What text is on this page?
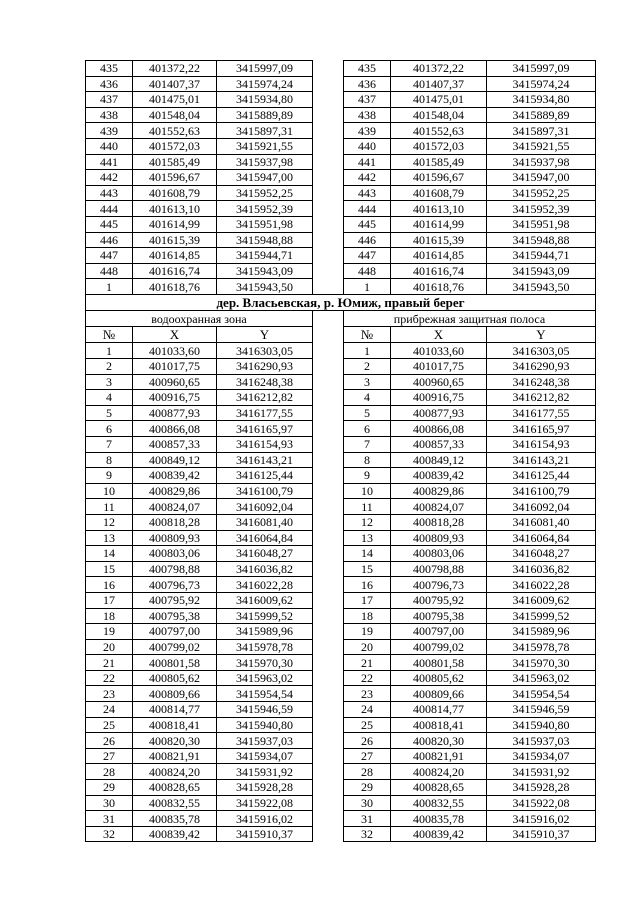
435	401372,22	3415997,09		435	401372,22	3415997,09
436	401407,37	3415974,24		436	401407,37	3415974,24
437	401475,01	3415934,80		437	401475,01	3415934,80
438	401548,04	3415889,89		438	401548,04	3415889,89
439	401552,63	3415897,31		439	401552,63	3415897,31
440	401572,03	3415921,55		440	401572,03	3415921,55
441	401585,49	3415937,98		441	401585,49	3415937,98
442	401596,67	3415947,00		442	401596,67	3415947,00
443	401608,79	3415952,25		443	401608,79	3415952,25
444	401613,10	3415952,39		444	401613,10	3415952,39
445	401614,99	3415951,98		445	401614,99	3415951,98
446	401615,39	3415948,88		446	401615,39	3415948,88
447	401614,85	3415944,71		447	401614,85	3415944,71
448	401616,74	3415943,09		448	401616,74	3415943,09
1	401618,76	3415943,50		1	401618,76	3415943,50
дер. Власьевская, р. Юмиж, правый берег						
водоохранная зона				прибрежная защитная полоса		
№	X	Y		№	X	Y
1	401033,60	3416303,05		1	401033,60	3416303,05
2	401017,75	3416290,93		2	401017,75	3416290,93
3	400960,65	3416248,38		3	400960,65	3416248,38
4	400916,75	3416212,82		4	400916,75	3416212,82
5	400877,93	3416177,55		5	400877,93	3416177,55
6	400866,08	3416165,97		6	400866,08	3416165,97
7	400857,33	3416154,93		7	400857,33	3416154,93
8	400849,12	3416143,21		8	400849,12	3416143,21
9	400839,42	3416125,44		9	400839,42	3416125,44
10	400829,86	3416100,79		10	400829,86	3416100,79
11	400824,07	3416092,04		11	400824,07	3416092,04
12	400818,28	3416081,40		12	400818,28	3416081,40
13	400809,93	3416064,84		13	400809,93	3416064,84
14	400803,06	3416048,27		14	400803,06	3416048,27
15	400798,88	3416036,82		15	400798,88	3416036,82
16	400796,73	3416022,28		16	400796,73	3416022,28
17	400795,92	3416009,62		17	400795,92	3416009,62
18	400795,38	3415999,52		18	400795,38	3415999,52
19	400797,00	3415989,96		19	400797,00	3415989,96
20	400799,02	3415978,78		20	400799,02	3415978,78
21	400801,58	3415970,30		21	400801,58	3415970,30
22	400805,62	3415963,02		22	400805,62	3415963,02
23	400809,66	3415954,54		23	400809,66	3415954,54
24	400814,77	3415946,59		24	400814,77	3415946,59
25	400818,41	3415940,80		25	400818,41	3415940,80
26	400820,30	3415937,03		26	400820,30	3415937,03
27	400821,91	3415934,07		27	400821,91	3415934,07
28	400824,20	3415931,92		28	400824,20	3415931,92
29	400828,65	3415928,28		29	400828,65	3415928,28
30	400832,55	3415922,08		30	400832,55	3415922,08
31	400835,78	3415916,02		31	400835,78	3415916,02
32	400839,42	3415910,37		32	400839,42	3415910,37
